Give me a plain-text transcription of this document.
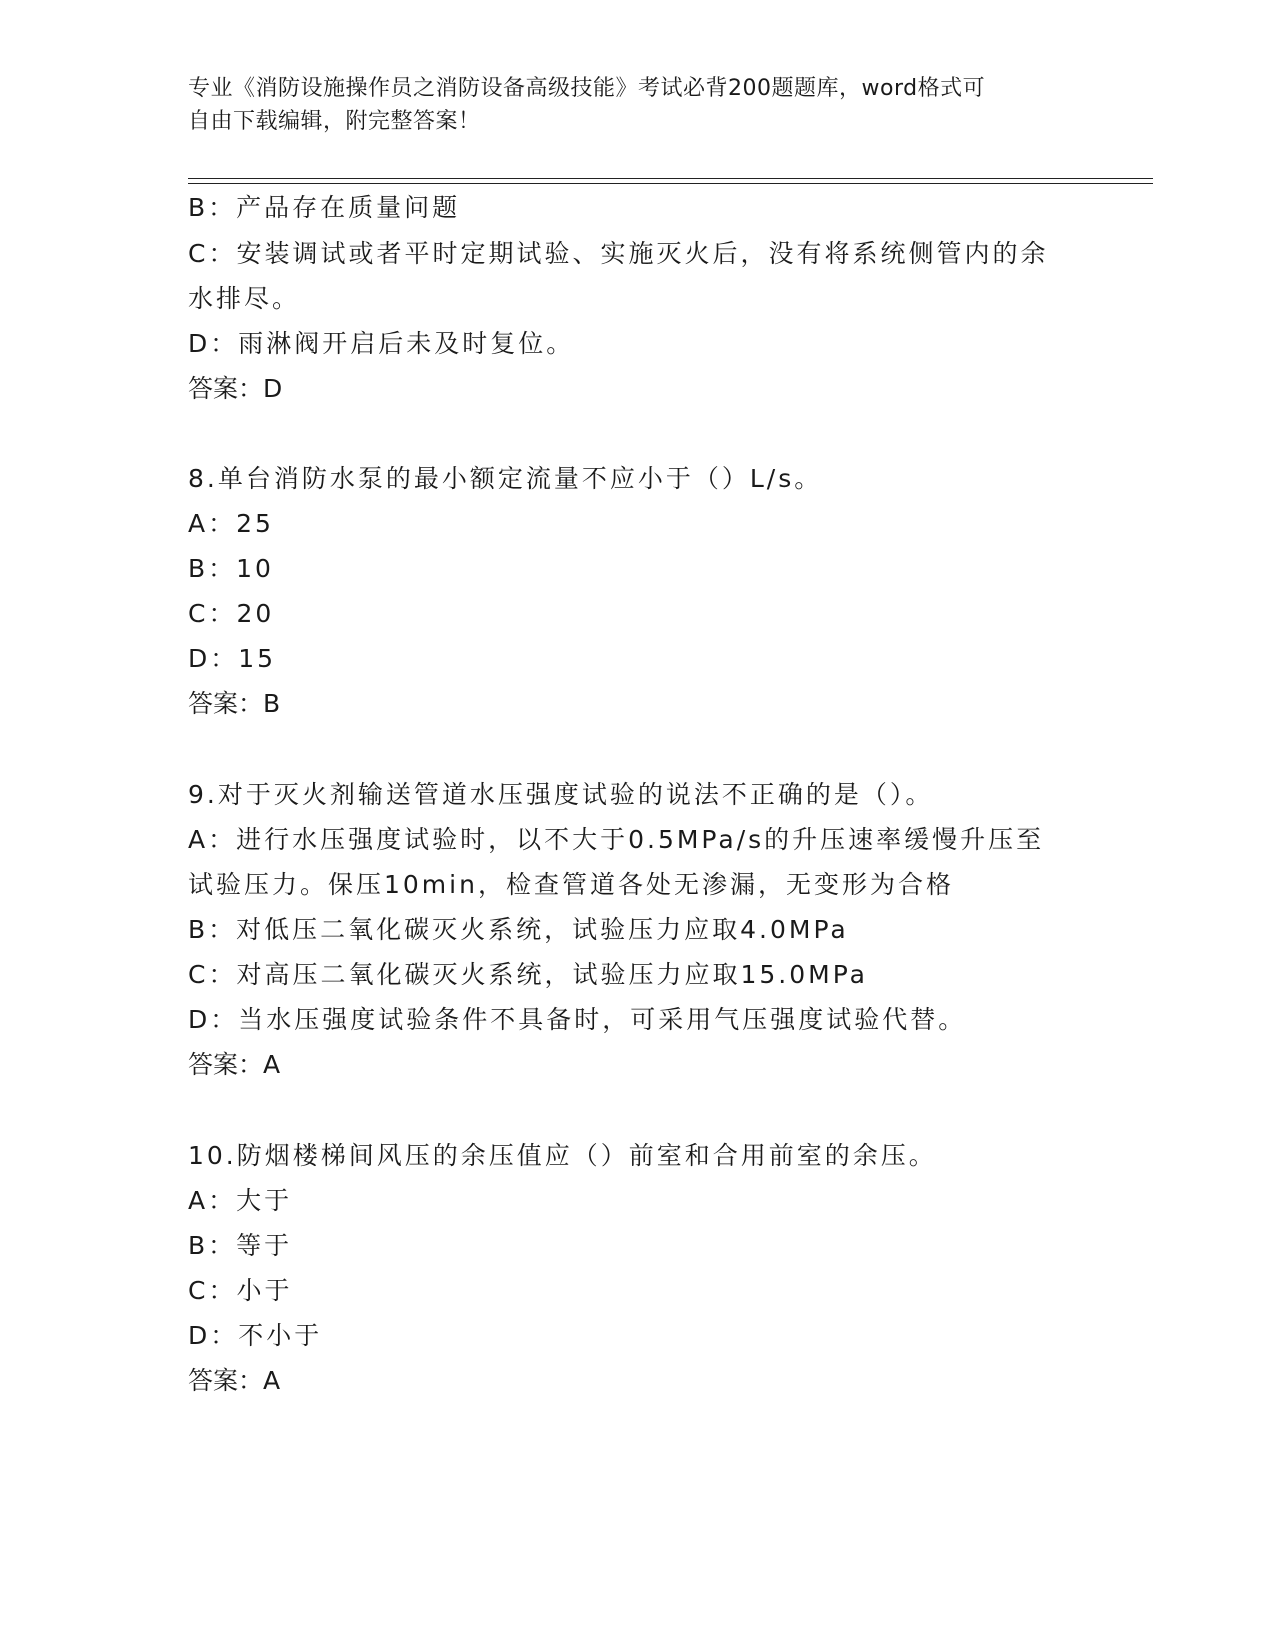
专业《消防设施操作员之消防设备高级技能》考试必背200题题库，word格式可
自由下载编辑，附完整答案！
B：产品存在质量问题
C：安装调试或者平时定期试验、实施灭火后，没有将系统侧管内的余
水排尽。
D：雨淋阀开启后未及时复位。
答案：D
8.单台消防水泵的最小额定流量不应小于（）L/s。
A：25
B：10
C：20
D：15
答案：B
9.对于灭火剂输送管道水压强度试验的说法不正确的是（）。
A：进行水压强度试验时，以不大于0.5MPa/s的升压速率缓慢升压至
试验压力。保压10min，检查管道各处无渗漏，无变形为合格
B：对低压二氧化碳灭火系统，试验压力应取4.0MPa
C：对高压二氧化碳灭火系统，试验压力应取15.0MPa
D：当水压强度试验条件不具备时，可采用气压强度试验代替。
答案：A
10.防烟楼梯间风压的余压值应（）前室和合用前室的余压。
A：大于
B：等于
C：小于
D：不小于
答案：A
